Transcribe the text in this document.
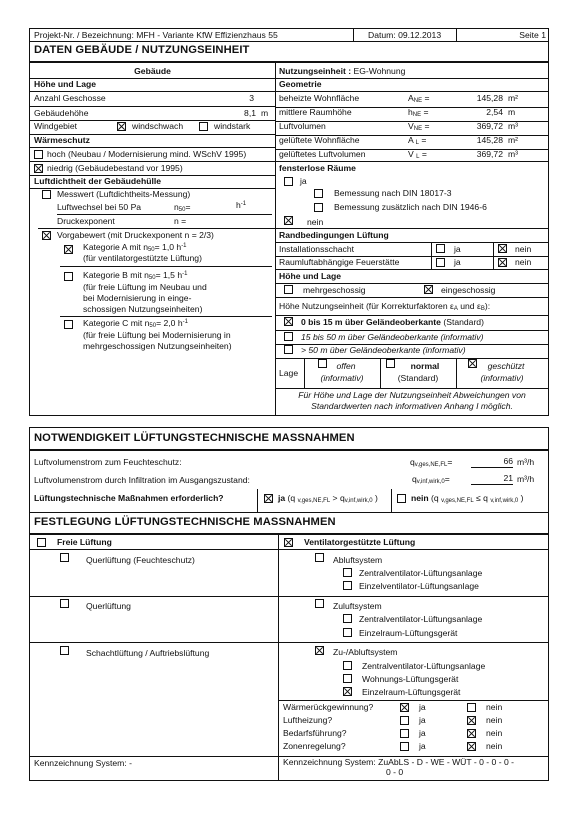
Projekt-Nr. / Bezeichnung: MFH - Variante KfW Effizienzhaus 55	Datum: 09.12.2013	Seite 1
DATEN GEBÄUDE / NUTZUNGSEINHEIT
Gebäude
Höhe und Lage
Anzahl Geschosse	3
Gebäudehöhe	8,1 m
Windgebiet	windschwach	windstark
Wärmeschutz
hoch (Neubau / Modernisierung mind. WSchV 1995)
niedrig (Gebäudebestand vor 1995)
Luftdichtheit der Gebäudehülle
Messwert (Luftdichtheits-Messung)
Luftwechsel bei 50 Pa	n50=	$h^{-1}$
Druckexponent	n =
Vorgabewert (mit Druckexponent n = 2/3)
Kategorie A mit n50= 1,0 $h^{-1}$
(für ventilatorgestützte Lüftung)
Kategorie B mit n50= 1,5 $h^{-1}$
(für freie Lüftung im Neubau und
bei Modernisierung in einge-
schossigen Nutzungseinheiten)
Kategorie C mit n50= 2,0 $h^{-1}$
(für freie Lüftung bei Modernisierung in
mehrgeschossigen Nutzungseinheiten)
Nutzungseinheit : EG-Wohnung
Geometrie
beheizte Wohnfläche	ANE =	145,28 m²
mittlere Raumhöhe	hNE =	2,54 m
Luftvolumen	VNE =	369,72 m³
gelüftete Wohnfläche	A L =	145,28 m²
gelüftetes Luftvolumen	V L =	369,72 m³
fensterlose Räume
ja
Bemessung nach DIN 18017-3
Bemessung zusätzlich nach DIN 1946-6
nein
Randbedingungen Lüftung
Installationsschacht	ja	nein
Raumluftabhängige Feuerstätte	ja	nein
Höhe und Lage
mehrgeschossig	eingeschossig
Höhe Nutzungseinheit (für Korrekturfaktoren εA und εB):
0 bis 15 m über Geländeoberkante (Standard)
15 bis 50 m über Geländeoberkante (informativ)
> 50 m über Geländeoberkante (informativ)
Lage
offen
(informativ)
normal
(Standard)
geschützt
(informativ)
Für Höhe und Lage der Nutzungseinheit Abweichungen von
Standardwerten nach informativen Anhang I möglich.
NOTWENDIGKEIT LÜFTUNGSTECHNISCHE MASSNAHMEN
Luftvolumenstrom zum Feuchteschutz:	qv,ges,NE,FL=	66 m³/h
Luftvolumenstrom durch Infiltration im Ausgangszustand:	qv,inf,wirk,0=	21 m³/h
Lüftungstechnische Maßnahmen erforderlich?	ja (q v,ges,NE,FL > qv,inf,wirk,0 )	nein (q v,ges,NE,FL ≤ q v,inf,wirk,0 )
FESTLEGUNG LÜFTUNGSTECHNISCHE MASSNAHMEN
Freie Lüftung	Ventilatorgestützte Lüftung
Querlüftung (Feuchteschutz)
Querlüftung
Schachtlüftung / Auftriebslüftung
Abluftsystem
Zentralventilator-Lüftungsanlage
Einzelventilator-Lüftungsanlage
Zuluftsystem
Zentralventilator-Lüftungsanlage
Einzelraum-Lüftungsgerät
Zu-/Abluftsystem
Zentralventilator-Lüftungsanlage
Wohnungs-Lüftungsgerät
Einzelraum-Lüftungsgerät
Wärmerückgewinnung?	ja	nein
Luftheizung?	ja	nein
Bedarfsführung?	ja	nein
Zonenregelung?	ja	nein
Kennzeichnung System: -	Kennzeichnung System: ZuAbLS - D - WE - WÜT - 0 - 0 - 0 -
0 - 0
